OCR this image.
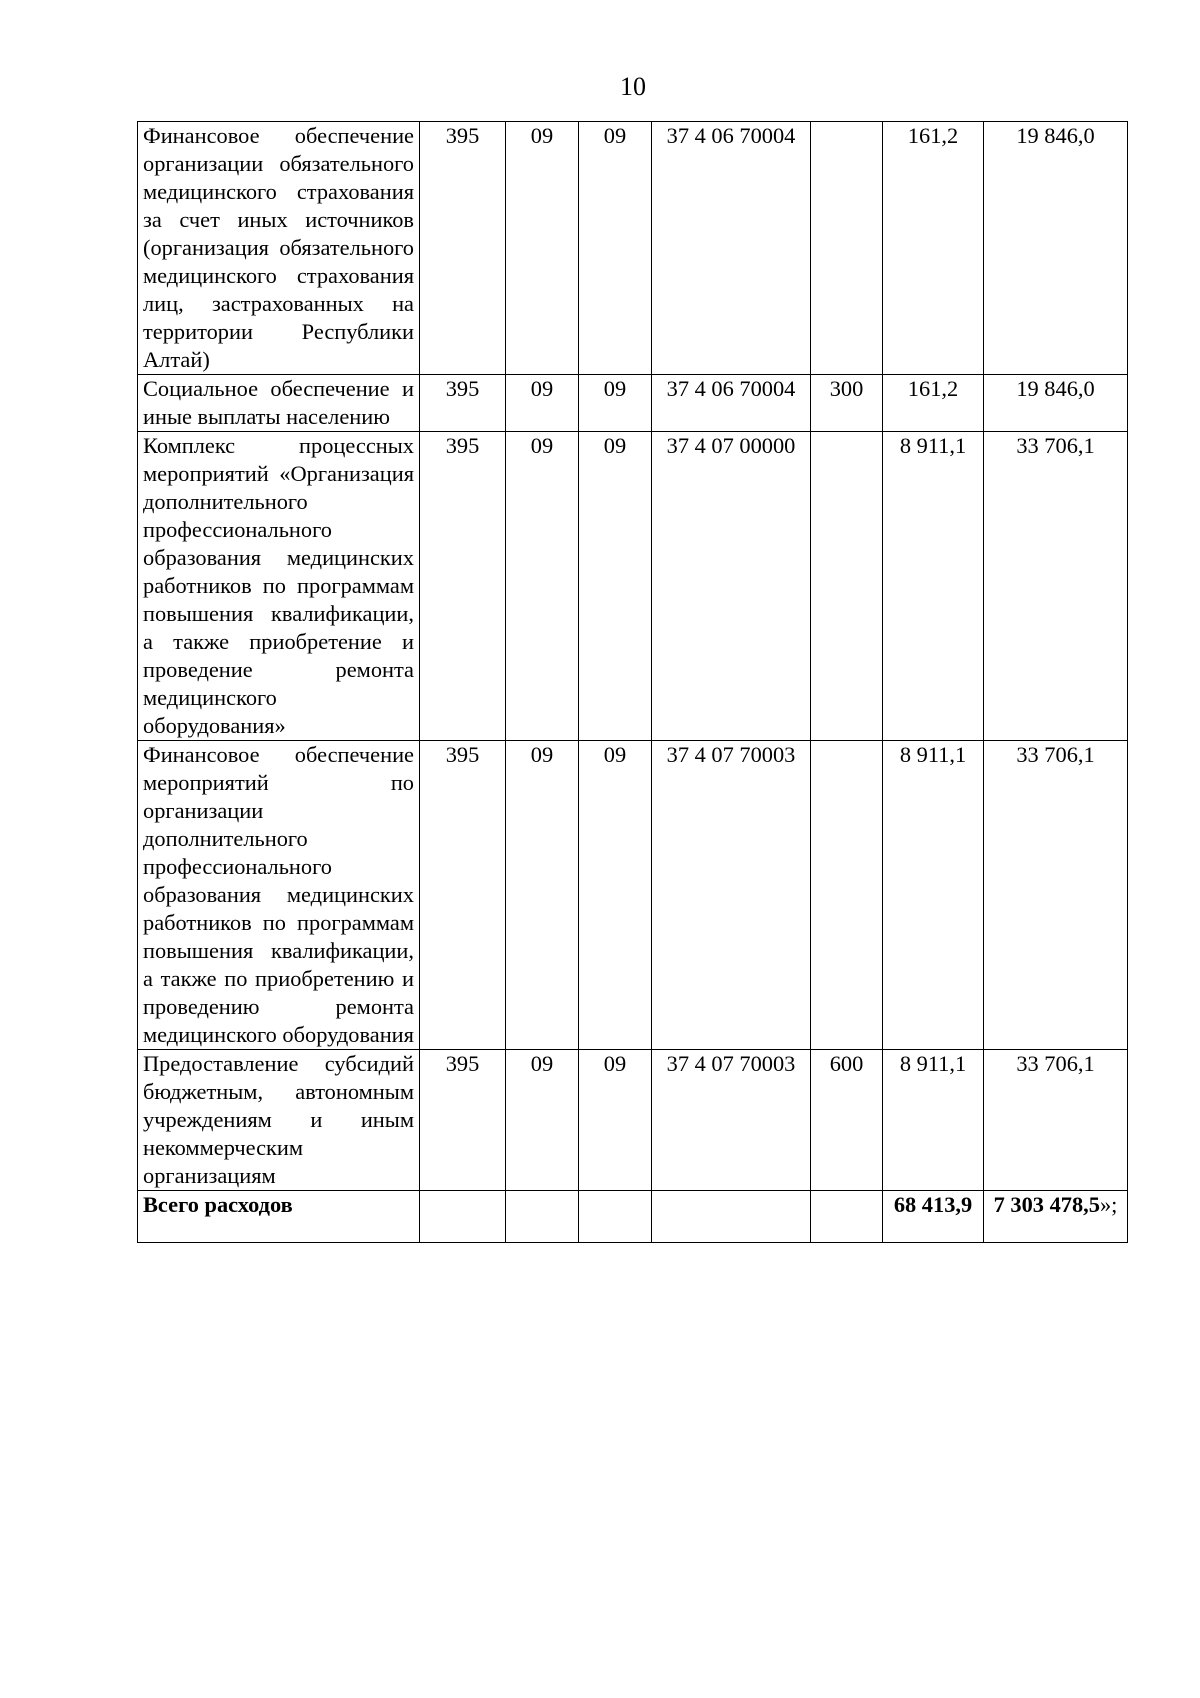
10
Финансовое обеспечение организации обязательного медицинского страхования за счет иных источников (организация обязательного медицинского страхования лиц, застрахованных на территории Республики Алтай)	395	09	09	37 4 06 70004		161,2	19 846,0
Социальное обеспечение и иные выплаты населению	395	09	09	37 4 06 70004	300	161,2	19 846,0
Комплекс процессных мероприятий «Организация дополнительного профессионального образования медицинских работников по программам повышения квалификации, а также приобретение и проведение ремонта медицинского оборудования»	395	09	09	37 4 07 00000		8 911,1	33 706,1
Финансовое обеспечение мероприятий по организации дополнительного профессионального образования медицинских работников по программам повышения квалификации, а также по приобретению и проведению ремонта медицинского оборудования	395	09	09	37 4 07 70003		8 911,1	33 706,1
Предоставление субсидий бюджетным, автономным учреждениям и иным некоммерческим организациям	395	09	09	37 4 07 70003	600	8 911,1	33 706,1
Всего расходов						68 413,9	7 303 478,5»;
